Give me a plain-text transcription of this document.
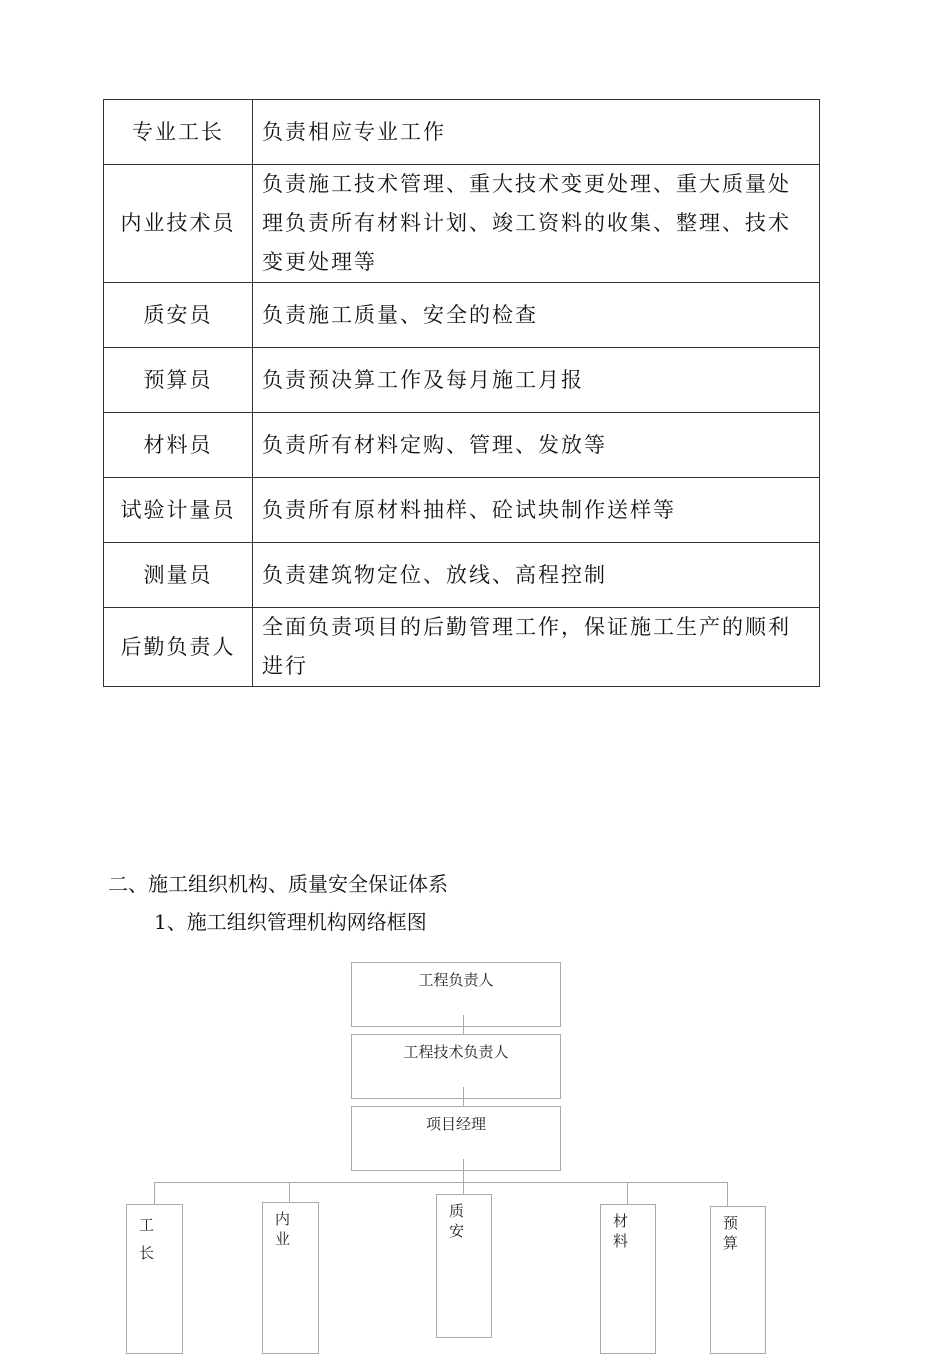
专业工长	负责相应专业工作
内业技术员	负责施工技术管理、重大技术变更处理、重大质量处理负责所有材料计划、竣工资料的收集、整理、技术变更处理等
质安员	负责施工质量、安全的检查
预算员	负责预决算工作及每月施工月报
材料员	负责所有材料定购、管理、发放等
试验计量员	负责所有原材料抽样、砼试块制作送样等
测量员	负责建筑物定位、放线、高程控制
后勤负责人	全面负责项目的后勤管理工作，保证施工生产的顺利进行
二、施工组织机构、质量安全保证体系
1、施工组织管理机构网络框图
工程负责人
工程技术负责人
项目经理
工长
内业
质安
材料
预算
